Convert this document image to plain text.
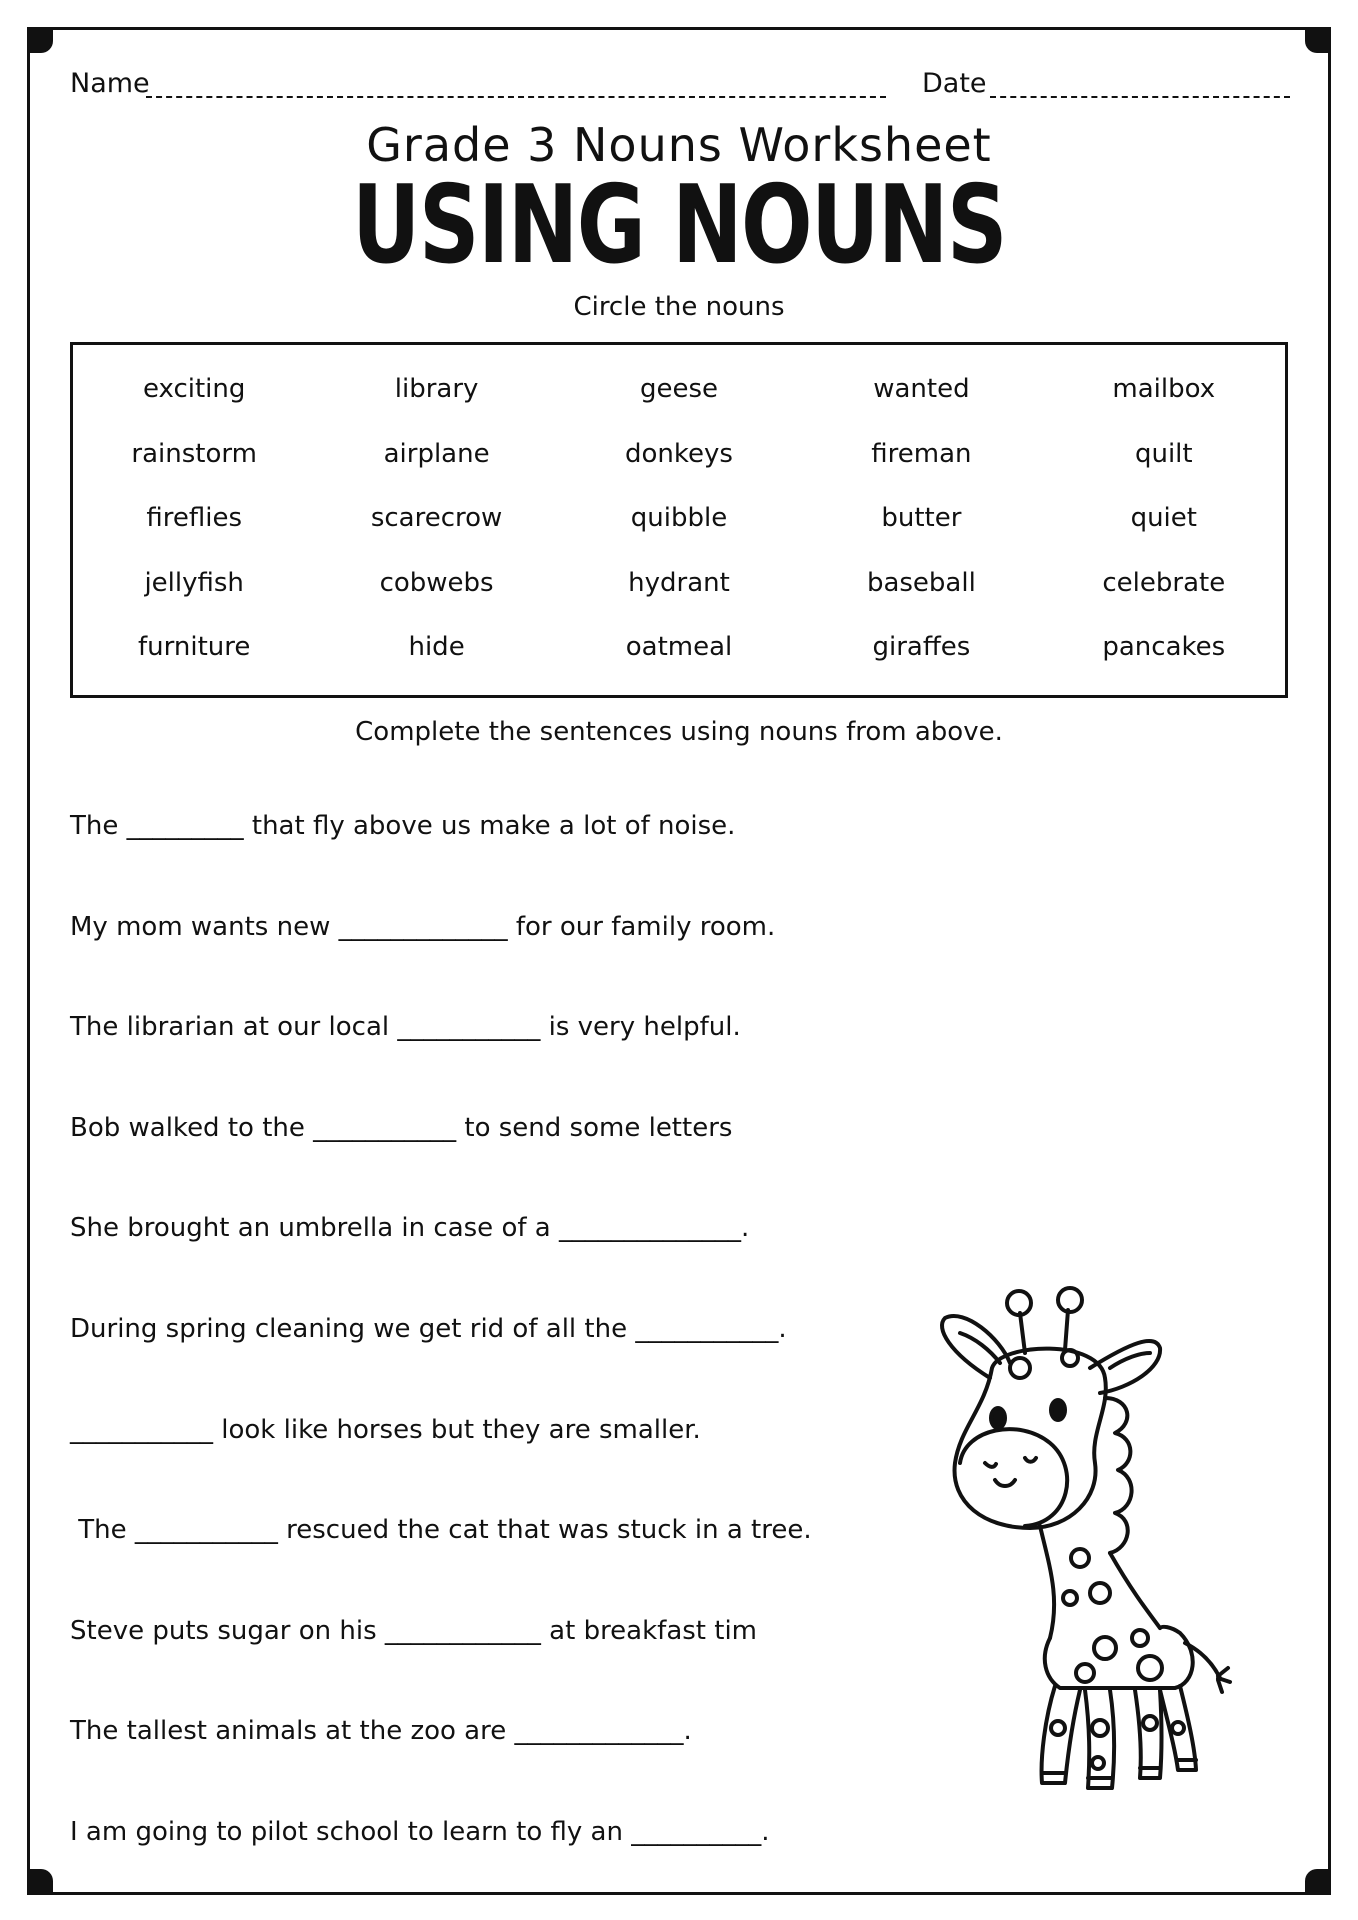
Name	Date
Grade 3 Nouns Worksheet
USING NOUNS
Circle the nouns
exciting	library	geese	wanted	mailbox
rainstorm	airplane	donkeys	fireman	quilt
fireflies	scarecrow	quibble	butter	quiet
jellyfish	cobwebs	hydrant	baseball	celebrate
furniture	hide	oatmeal	giraffes	pancakes
Complete the sentences using nouns from above.
The _________ that fly above us make a lot of noise.
My mom wants new _____________ for our family room.
The librarian at our local ___________ is very helpful.
Bob walked to the ___________ to send some letters
She brought an umbrella in case of a ______________.
During spring cleaning we get rid of all the ___________.
___________ look like horses but they are smaller.
The ___________ rescued the cat that was stuck in a tree.
Steve puts sugar on his ____________ at breakfast tim
The tallest animals at the zoo are _____________.
I am going to pilot school to learn to fly an __________.
